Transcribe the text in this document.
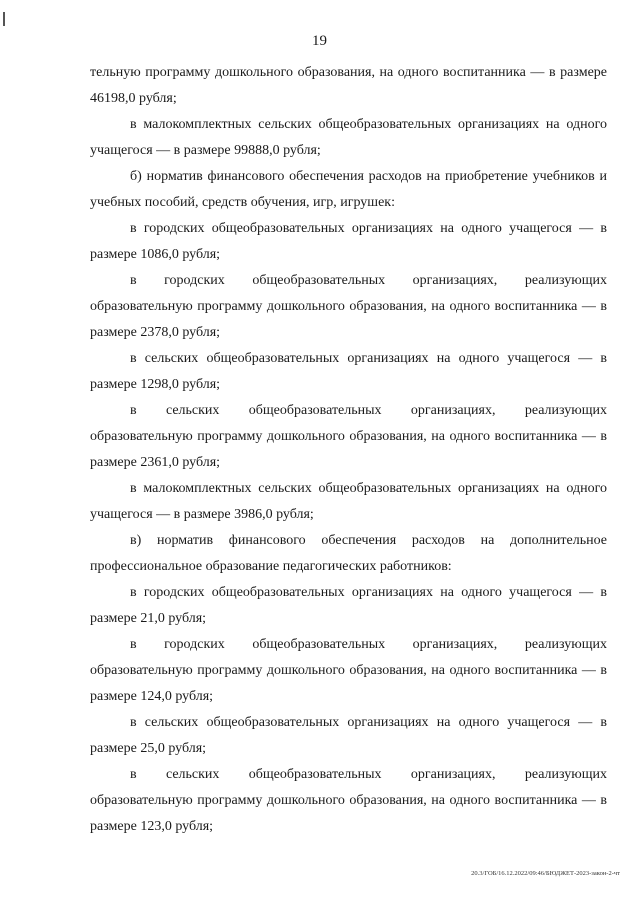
19

тельную программу дошкольного образования, на одного воспитанника — в размере 46198,0 рубля;

в малокомплектных сельских общеобразовательных организациях на одного учащегося — в размере 99888,0 рубля;

б) норматив финансового обеспечения расходов на приобретение учебников и учебных пособий, средств обучения, игр, игрушек:

в городских общеобразовательных организациях на одного учащегося — в размере 1086,0 рубля;

в городских общеобразовательных организациях, реализующих образовательную программу дошкольного образования, на одного воспитанника — в размере 2378,0 рубля;

в сельских общеобразовательных организациях на одного учащегося — в размере 1298,0 рубля;

в сельских общеобразовательных организациях, реализующих образовательную программу дошкольного образования, на одного воспитанника — в размере 2361,0 рубля;

в малокомплектных сельских общеобразовательных организациях на одного учащегося — в размере 3986,0 рубля;

в) норматив финансового обеспечения расходов на дополнительное профессиональное образование педагогических работников:

в городских общеобразовательных организациях на одного учащегося — в размере 21,0 рубля;

в городских общеобразовательных организациях, реализующих образовательную программу дошкольного образования, на одного воспитанника — в размере 124,0 рубля;

в сельских общеобразовательных организациях на одного учащегося — в размере 25,0 рубля;

в сельских общеобразовательных организациях, реализующих образовательную программу дошкольного образования, на одного воспитанника — в размере 123,0 рубля;

20.3/ГОБ/16.12.2022/09:46/БЮДЖЕТ-2023-закон-2-чт
